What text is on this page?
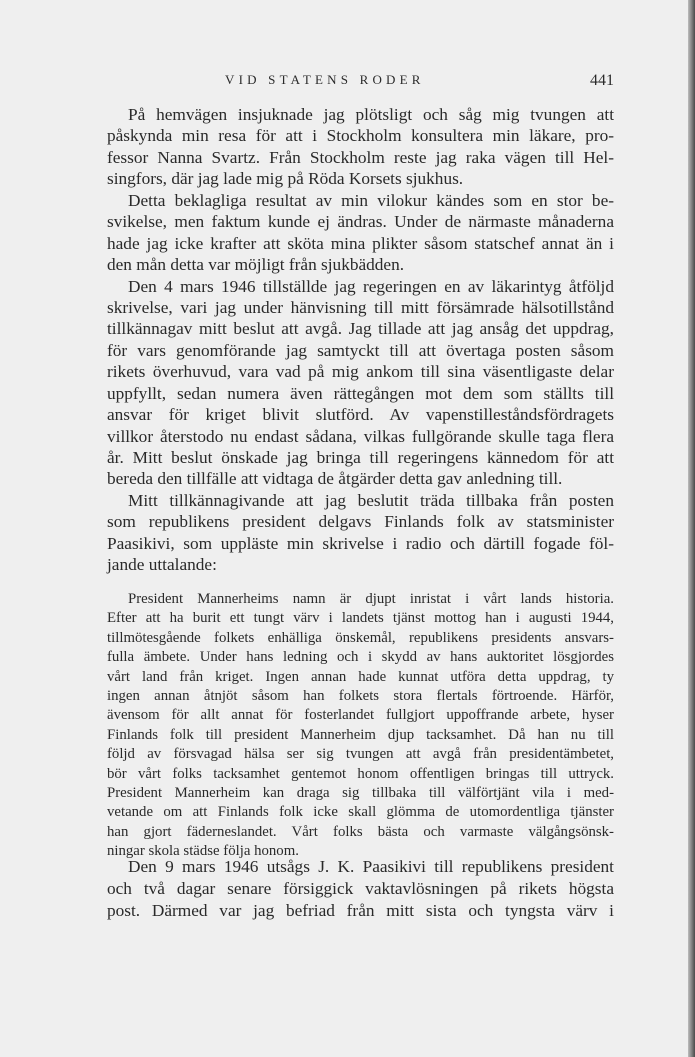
VID STATENS RODER	441
På hemvägen insjuknade jag plötsligt och såg mig tvungen att
påskynda min resa för att i Stockholm konsultera min läkare, pro-
fessor Nanna Svartz. Från Stockholm reste jag raka vägen till Hel-
singfors, där jag lade mig på Röda Korsets sjukhus.
Detta beklagliga resultat av min vilokur kändes som en stor be-
svikelse, men faktum kunde ej ändras. Under de närmaste månaderna
hade jag icke krafter att sköta mina plikter såsom statschef annat än i
den mån detta var möjligt från sjukbädden.
Den 4 mars 1946 tillställde jag regeringen en av läkarintyg åtföljd
skrivelse, vari jag under hänvisning till mitt försämrade hälsotillstånd
tillkännagav mitt beslut att avgå. Jag tillade att jag ansåg det uppdrag,
för vars genomförande jag samtyckt till att övertaga posten såsom
rikets överhuvud, vara vad på mig ankom till sina väsentligaste delar
uppfyllt, sedan numera även rättegången mot dem som ställts till
ansvar för kriget blivit slutförd. Av vapenstilleståndsfördragets
villkor återstodo nu endast sådana, vilkas fullgörande skulle taga flera
år. Mitt beslut önskade jag bringa till regeringens kännedom för att
bereda den tillfälle att vidtaga de åtgärder detta gav anledning till.
Mitt tillkännagivande att jag beslutit träda tillbaka från posten
som republikens president delgavs Finlands folk av statsminister
Paasikivi, som uppläste min skrivelse i radio och därtill fogade föl-
jande uttalande:
President Mannerheims namn är djupt inristat i vårt lands historia.
Efter att ha burit ett tungt värv i landets tjänst mottog han i augusti 1944,
tillmötesgående folkets enhälliga önskemål, republikens presidents ansvars-
fulla ämbete. Under hans ledning och i skydd av hans auktoritet lösgjordes
vårt land från kriget. Ingen annan hade kunnat utföra detta uppdrag, ty
ingen annan åtnjöt såsom han folkets stora flertals förtroende. Härför,
ävensom för allt annat för fosterlandet fullgjort uppoffrande arbete, hyser
Finlands folk till president Mannerheim djup tacksamhet. Då han nu till
följd av försvagad hälsa ser sig tvungen att avgå från presidentämbetet,
bör vårt folks tacksamhet gentemot honom offentligen bringas till uttryck.
President Mannerheim kan draga sig tillbaka till välförtjänt vila i med-
vetande om att Finlands folk icke skall glömma de utomordentliga tjänster
han gjort fäderneslandet. Vårt folks bästa och varmaste välgångsönsk-
ningar skola städse följa honom.
Den 9 mars 1946 utsågs J. K. Paasikivi till republikens president
och två dagar senare försiggick vaktavlösningen på rikets högsta
post. Därmed var jag befriad från mitt sista och tyngsta värv i
